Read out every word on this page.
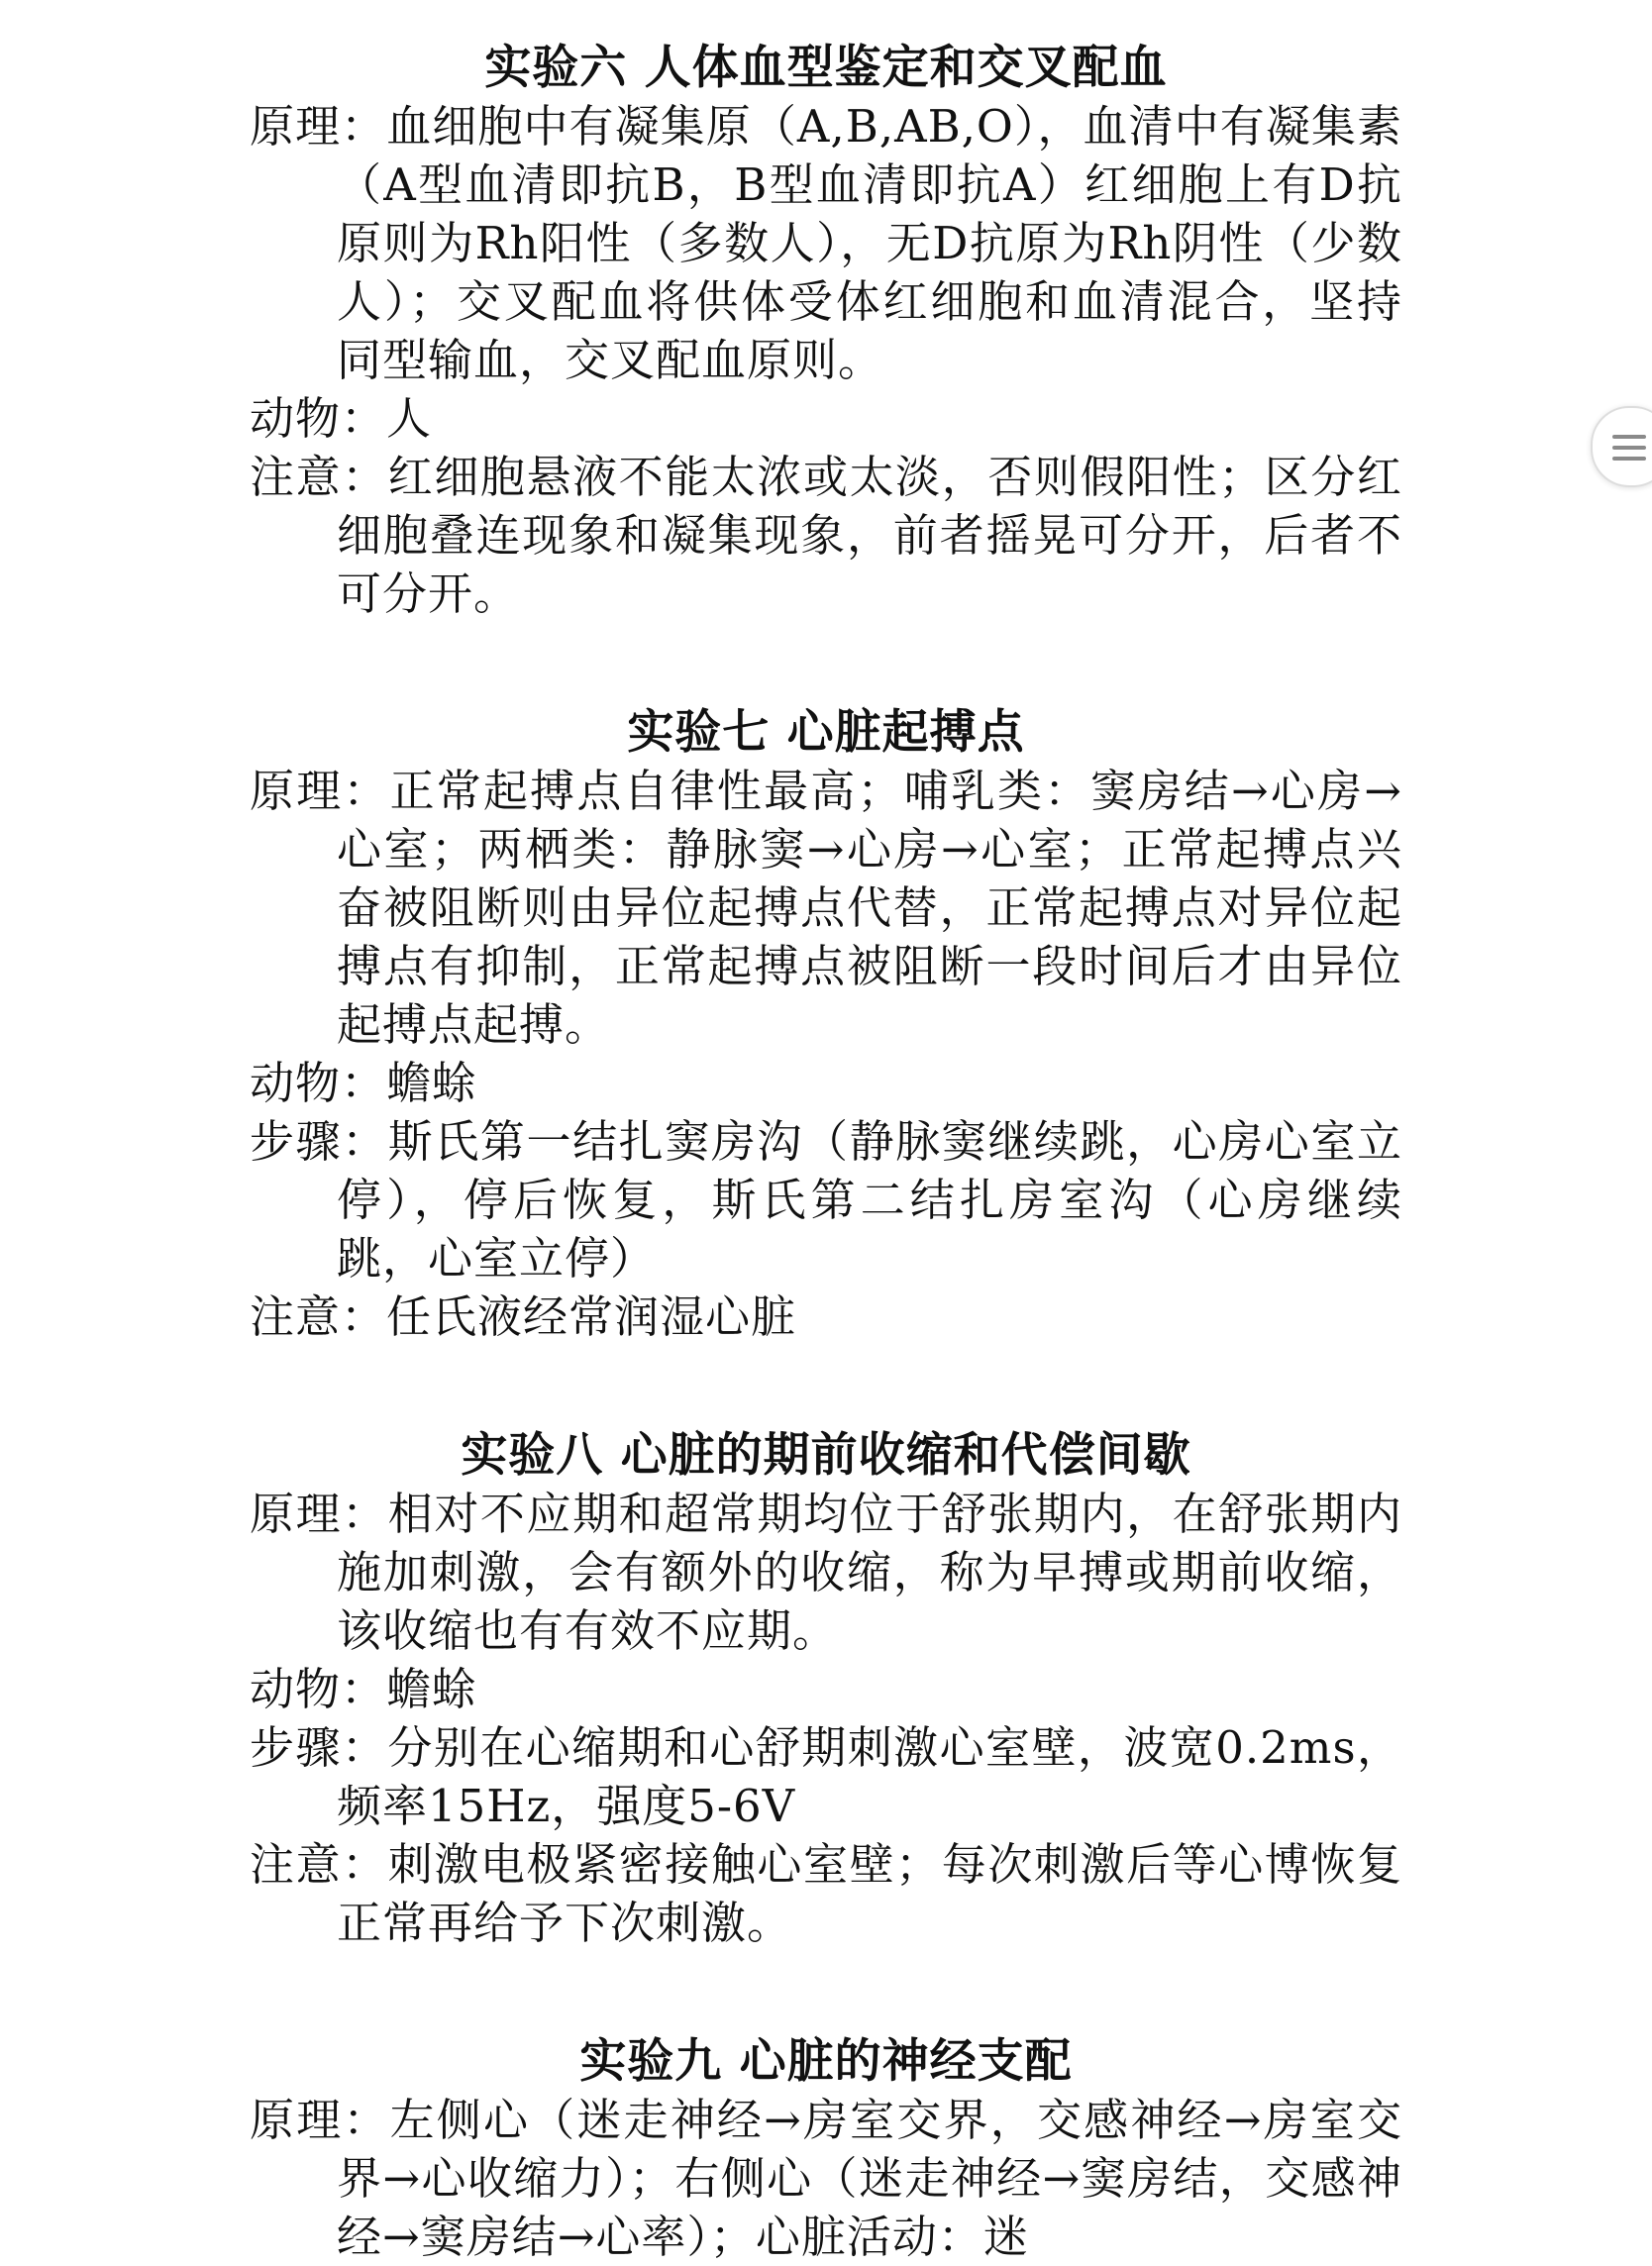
实验六 人体血型鉴定和交叉配血

原理：血细胞中有凝集原（A,B,AB,O），血清中有凝集素（A型血清即抗B，B型血清即抗A）红细胞上有D抗原则为Rh阳性（多数人），无D抗原为Rh阴性（少数人）；交叉配血将供体受体红细胞和血清混合，坚持同型输血，交叉配血原则。

动物：人

注意：红细胞悬液不能太浓或太淡，否则假阳性；区分红细胞叠连现象和凝集现象，前者摇晃可分开，后者不可分开。

实验七 心脏起搏点

原理：正常起搏点自律性最高；哺乳类：窦房结→心房→心室；两栖类：静脉窦→心房→心室；正常起搏点兴奋被阻断则由异位起搏点代替，正常起搏点对异位起搏点有抑制，正常起搏点被阻断一段时间后才由异位起搏点起搏。

动物：蟾蜍

步骤：斯氏第一结扎窦房沟（静脉窦继续跳，心房心室立停），停后恢复，斯氏第二结扎房室沟（心房继续跳，心室立停）

注意：任氏液经常润湿心脏

实验八 心脏的期前收缩和代偿间歇

原理：相对不应期和超常期均位于舒张期内，在舒张期内施加刺激，会有额外的收缩，称为早搏或期前收缩，该收缩也有有效不应期。

动物：蟾蜍

步骤：分别在心缩期和心舒期刺激心室壁，波宽0.2ms，频率15Hz，强度5-6V

注意：刺激电极紧密接触心室壁；每次刺激后等心博恢复正常再给予下次刺激。

实验九 心脏的神经支配

原理：左侧心（迷走神经→房室交界，交感神经→房室交界→心收缩力）；右侧心（迷走神经→窦房结，交感神经→窦房结→心率）；心脏活动：迷
